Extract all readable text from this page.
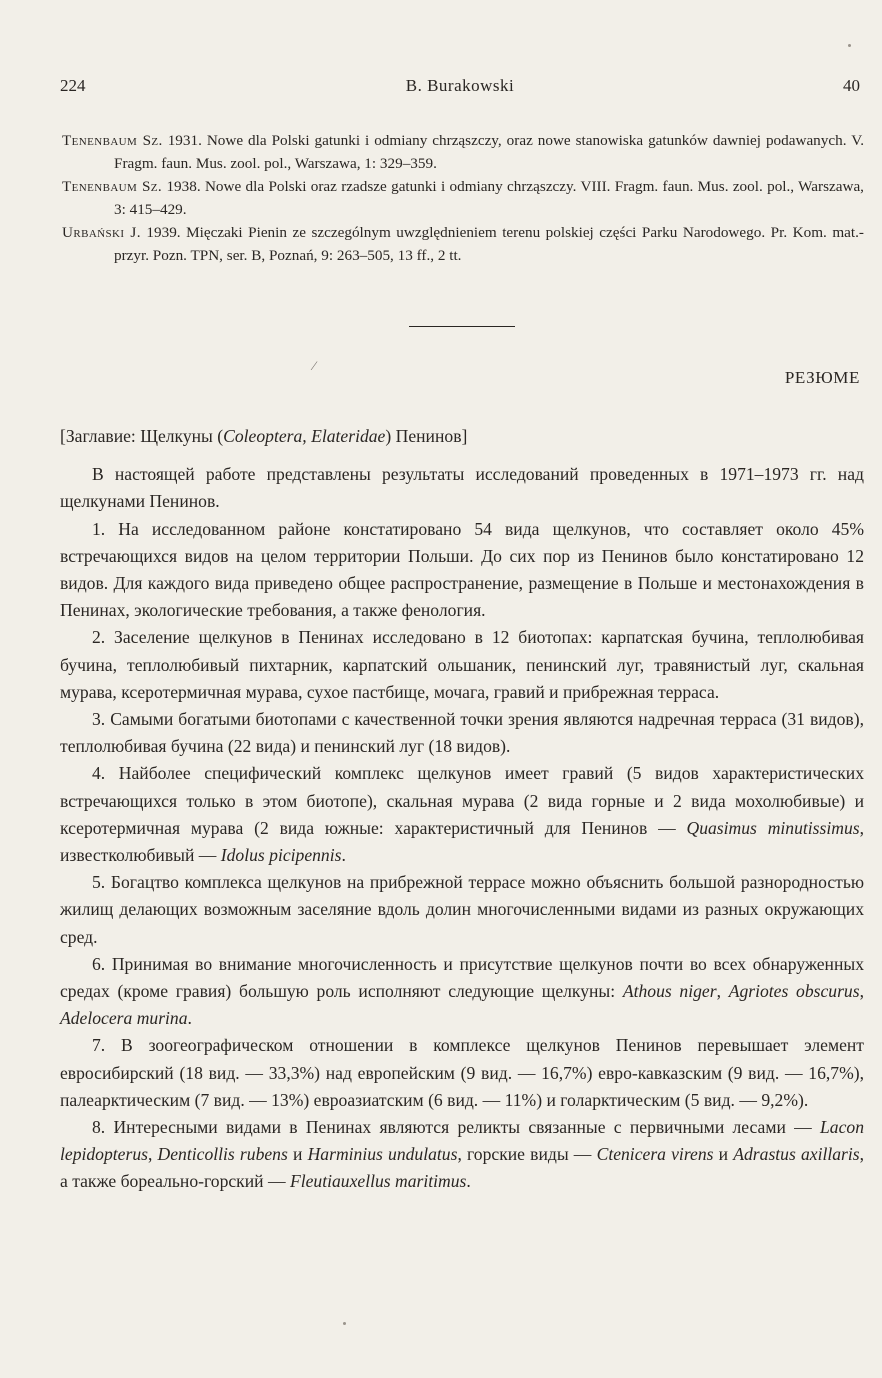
224	B. Burakowski	40

Tenenbaum Sz. 1931. Nowe dla Polski gatunki i odmiany chrząszczy, oraz nowe stanowiska gatunków dawniej podawanych. V. Fragm. faun. Mus. zool. pol., Warszawa, 1: 329–359.

Tenenbaum Sz. 1938. Nowe dla Polski oraz rzadsze gatunki i odmiany chrząszczy. VIII. Fragm. faun. Mus. zool. pol., Warszawa, 3: 415–429.

Urbański J. 1939. Mięczaki Pienin ze szczególnym uwzględnieniem terenu polskiej części Parku Narodowego. Pr. Kom. mat.-przyr. Pozn. TPN, ser. B, Poznań, 9: 263–505, 13 ff., 2 tt.

⁄
РЕЗЮМЕ

[Заглавие: Щелкуны (Coleoptera, Elateridae) Пенинов]

В настоящей работе представлены результаты исследований проведенных в 1971–1973 гг. над щелкунами Пенинов.

1. На исследованном районе констатировано 54 вида щелкунов, что составляет около 45% встречающихся видов на целом территории Польши. До сих пор из Пенинов было констатировано 12 видов. Для каждого вида приведено общее распространение, размещение в Польше и местонахождения в Пенинах, экологические требования, а также фенология.

2. Заселение щелкунов в Пенинах исследовано в 12 биотопах: карпатская бучина, теплолюбивая бучина, теплолюбивый пихтарник, карпатский ольшаник, пенинский луг, травянистый луг, скальная мурава, ксеротермичная мурава, сухое пастбище, мочага, гравий и прибрежная терраса.

3. Самыми богатыми биотопами с качественной точки зрения являются надречная терраса (31 видов), теплолюбивая бучина (22 вида) и пенинский луг (18 видов).

4. Найболее специфический комплекс щелкунов имеет гравий (5 видов характеристических встречающихся только в этом биотопе), скальная мурава (2 вида горные и 2 вида мохолюбивые) и ксеротермичная мурава (2 вида южные: характеристичный для Пенинов — Quasimus minutissimus, известколюбивый — Idolus picipennis.

5. Богацтво комплекса щелкунов на прибрежной террасе можно объяснить большой разнородностью жилищ делающих возможным заселяние вдоль долин многочисленными видами из разных окружающих сред.

6. Принимая во внимание многочисленность и присутствие щелкунов почти во всех обнаруженных средах (кроме гравия) большую роль исполняют следующие щелкуны: Athous niger, Agriotes obscurus, Adelocera murina.

7. В зоогеографическом отношении в комплексе щелкунов Пенинов перевышает элемент евросибирский (18 вид. — 33,3%) над европейским (9 вид. — 16,7%) евро-кавказским (9 вид. — 16,7%), палеарктическим (7 вид. — 13%) евроазиатским (6 вид. — 11%) и голарктическим (5 вид. — 9,2%).

8. Интересными видами в Пенинах являются реликты связанные с первичными лесами — Lacon lepidopterus, Denticollis rubens и Harminius undulatus, горские виды — Ctenicera virens и Adrastus axillaris, а также бореально-горский — Fleutiauxellus maritimus.
